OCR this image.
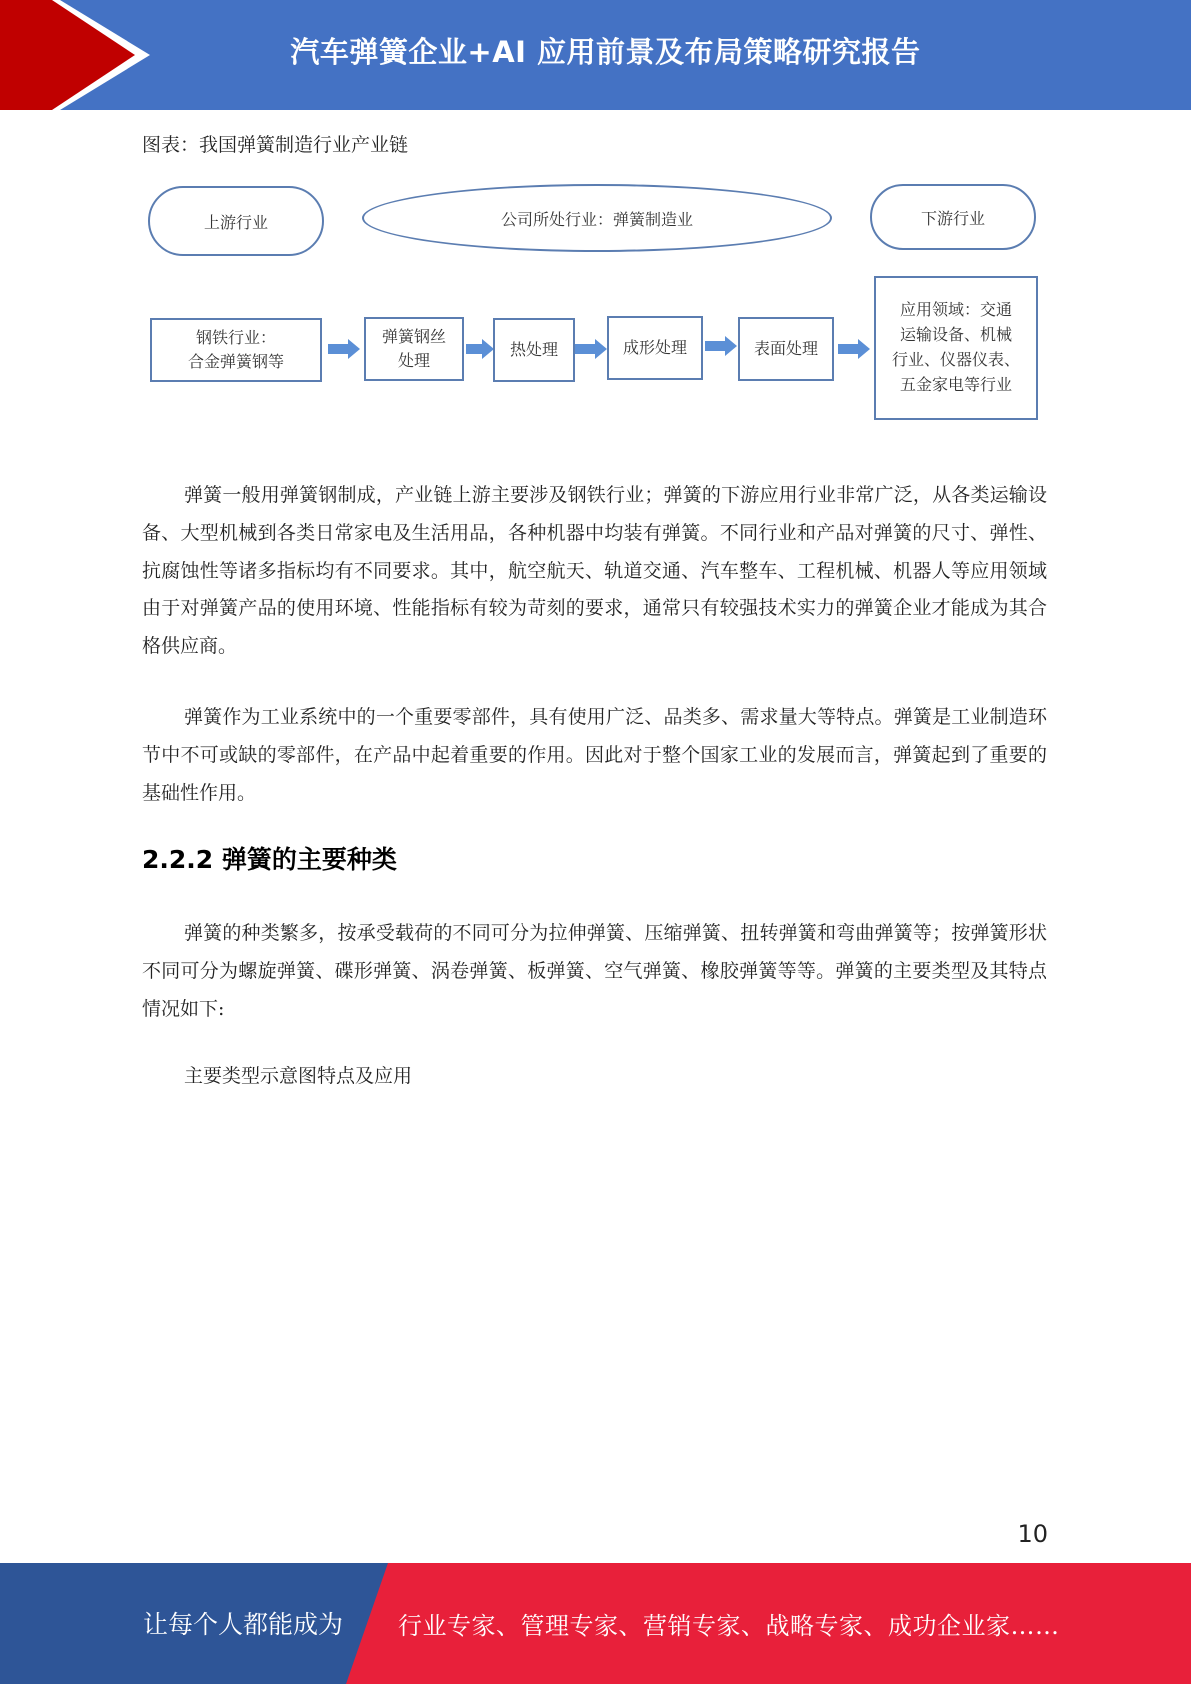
汽车弹簧企业+AI 应用前景及布局策略研究报告
图表：我国弹簧制造行业产业链
上游行业	公司所处行业：弹簧制造业	下游行业
钢铁行业：
合金弹簧钢等
弹簧钢丝
处理
热处理	成形处理	表面处理
应用领域：交通
运输设备、机械
行业、仪器仪表、
五金家电等行业

弹簧一般用弹簧钢制成，产业链上游主要涉及钢铁行业；弹簧的下游应用行业非常广泛，从各类运输设备、大型机械到各类日常家电及生活用品，各种机器中均装有弹簧。不同行业和产品对弹簧的尺寸、弹性、抗腐蚀性等诸多指标均有不同要求。其中，航空航天、轨道交通、汽车整车、工程机械、机器人等应用领域由于对弹簧产品的使用环境、性能指标有较为苛刻的要求，通常只有较强技术实力的弹簧企业才能成为其合格供应商。

弹簧作为工业系统中的一个重要零部件，具有使用广泛、品类多、需求量大等特点。弹簧是工业制造环节中不可或缺的零部件，在产品中起着重要的作用。因此对于整个国家工业的发展而言，弹簧起到了重要的基础性作用。

2.2.2 弹簧的主要种类

弹簧的种类繁多，按承受载荷的不同可分为拉伸弹簧、压缩弹簧、扭转弹簧和弯曲弹簧等；按弹簧形状不同可分为螺旋弹簧、碟形弹簧、涡卷弹簧、板弹簧、空气弹簧、橡胶弹簧等等。弹簧的主要类型及其特点情况如下:

主要类型示意图特点及应用

10
让每个人都能成为 行业专家、管理专家、营销专家、战略专家、成功企业家……
